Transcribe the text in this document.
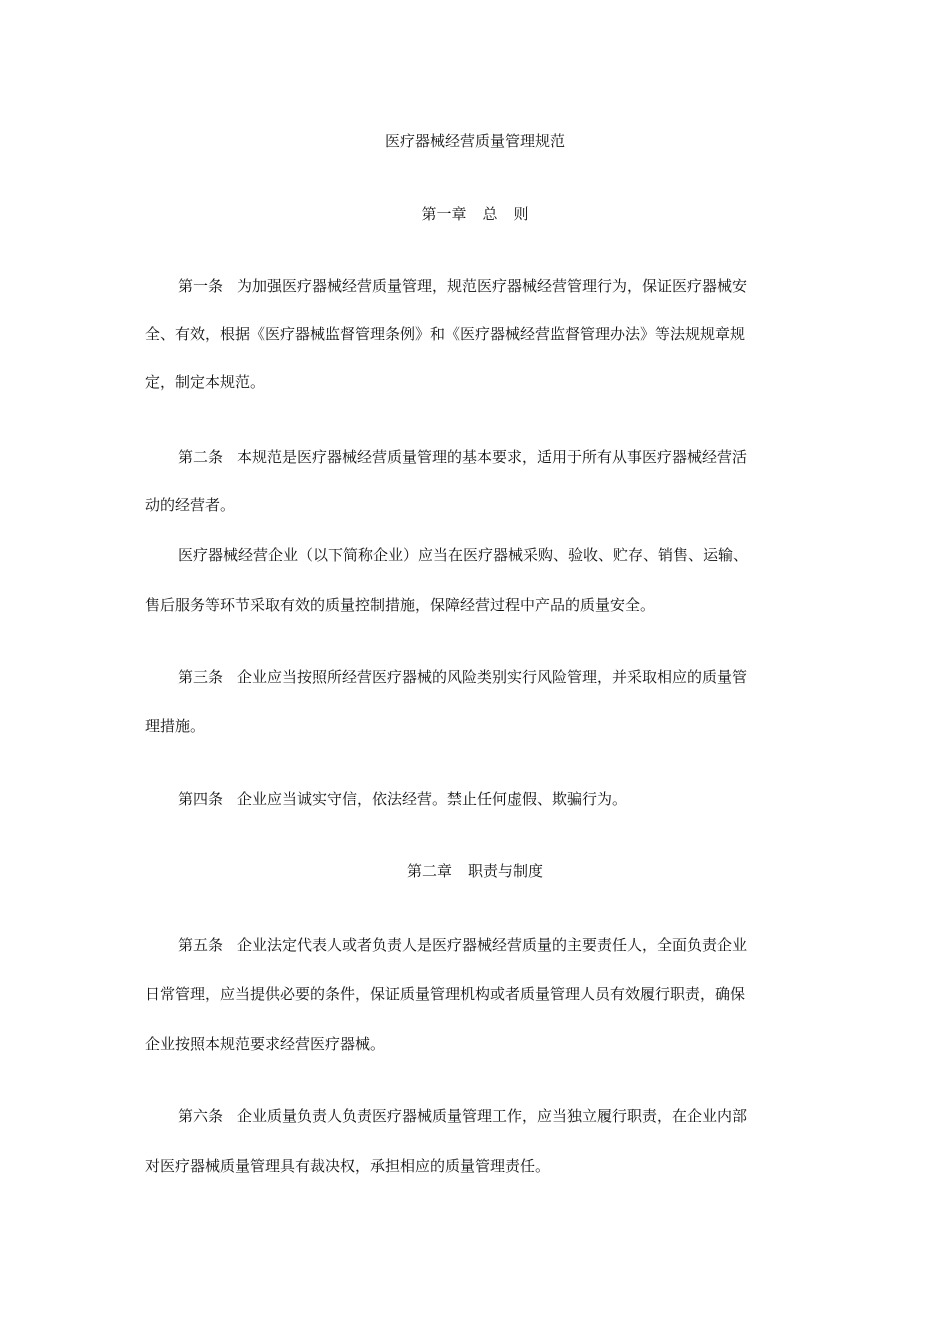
医疗器械经营质量管理规范
第一章 总 则
第一条 为加强医疗器械经营质量管理，规范医疗器械经营管理行为，保证医疗器械安
全、有效，根据《医疗器械监督管理条例》和《医疗器械经营监督管理办法》等法规规章规
定，制定本规范。
第二条 本规范是医疗器械经营质量管理的基本要求，适用于所有从事医疗器械经营活
动的经营者。
医疗器械经营企业（以下简称企业）应当在医疗器械采购、验收、贮存、销售、运输、
售后服务等环节采取有效的质量控制措施，保障经营过程中产品的质量安全。
第三条 企业应当按照所经营医疗器械的风险类别实行风险管理，并采取相应的质量管
理措施。
第四条 企业应当诚实守信，依法经营。禁止任何虚假、欺骗行为。
第二章 职责与制度
第五条 企业法定代表人或者负责人是医疗器械经营质量的主要责任人，全面负责企业
日常管理，应当提供必要的条件，保证质量管理机构或者质量管理人员有效履行职责，确保
企业按照本规范要求经营医疗器械。
第六条 企业质量负责人负责医疗器械质量管理工作，应当独立履行职责，在企业内部
对医疗器械质量管理具有裁决权，承担相应的质量管理责任。
